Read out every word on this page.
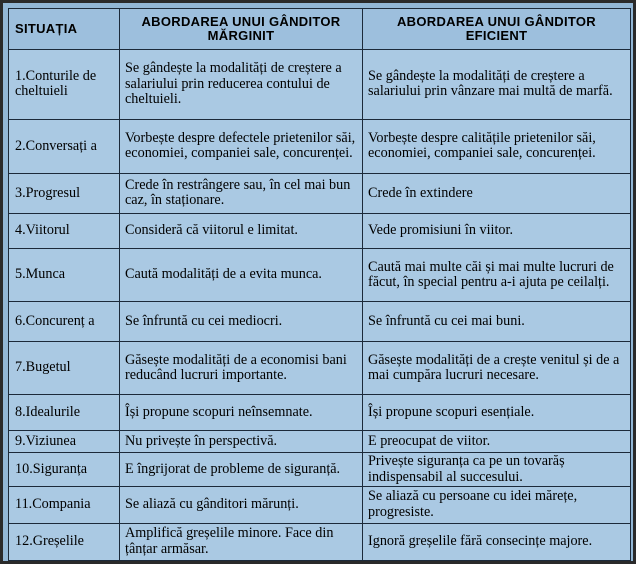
SITUAȚIA	ABORDAREA UNUI GÂNDITOR MĂRGINIT	ABORDAREA UNUI GÂNDITOR EFICIENT
1.Conturile de cheltuieli	Se gândește la modalități de creștere a salariului prin reducerea contului de cheltuieli.	Se gândește la modalități de creștere a salariului prin vânzare mai multă de marfă.
2.Conversați a	Vorbește despre defectele prietenilor săi, economiei, companiei sale, concurenței.	Vorbește despre calitățile prietenilor săi, economiei, companiei sale, concurenței.
3.Progresul	Crede în restrângere sau, în cel mai bun caz, în staționare.	Crede în extindere
4.Viitorul	Consideră că viitorul e limitat.	Vede promisiuni în viitor.
5.Munca	Caută modalități de a evita munca.	Caută mai multe căi și mai multe lucruri de făcut, în special pentru a-i ajuta pe ceilalți.
6.Concurenț a	Se înfruntă cu cei mediocri.	Se înfruntă cu cei mai buni.
7.Bugetul	Găsește modalități de a economisi bani reducând lucruri importante.	Găsește modalități de a crește venitul și de a mai cumpăra lucruri necesare.
8.Idealurile	Își propune scopuri neînsemnate.	Își propune scopuri esențiale.
9.Viziunea	Nu privește în perspectivă.	E preocupat de viitor.
10.Siguranța	E îngrijorat de probleme de siguranță.	Privește siguranța ca pe un tovarăș indispensabil al succesului.
11.Compania	Se aliază cu gânditori mărunți.	Se aliază cu persoane cu idei mărețe, progresiste.
12.Greșelile	Amplifică greșelile minore. Face din țânțar armăsar.	Ignoră greșelile fără consecințe majore.
